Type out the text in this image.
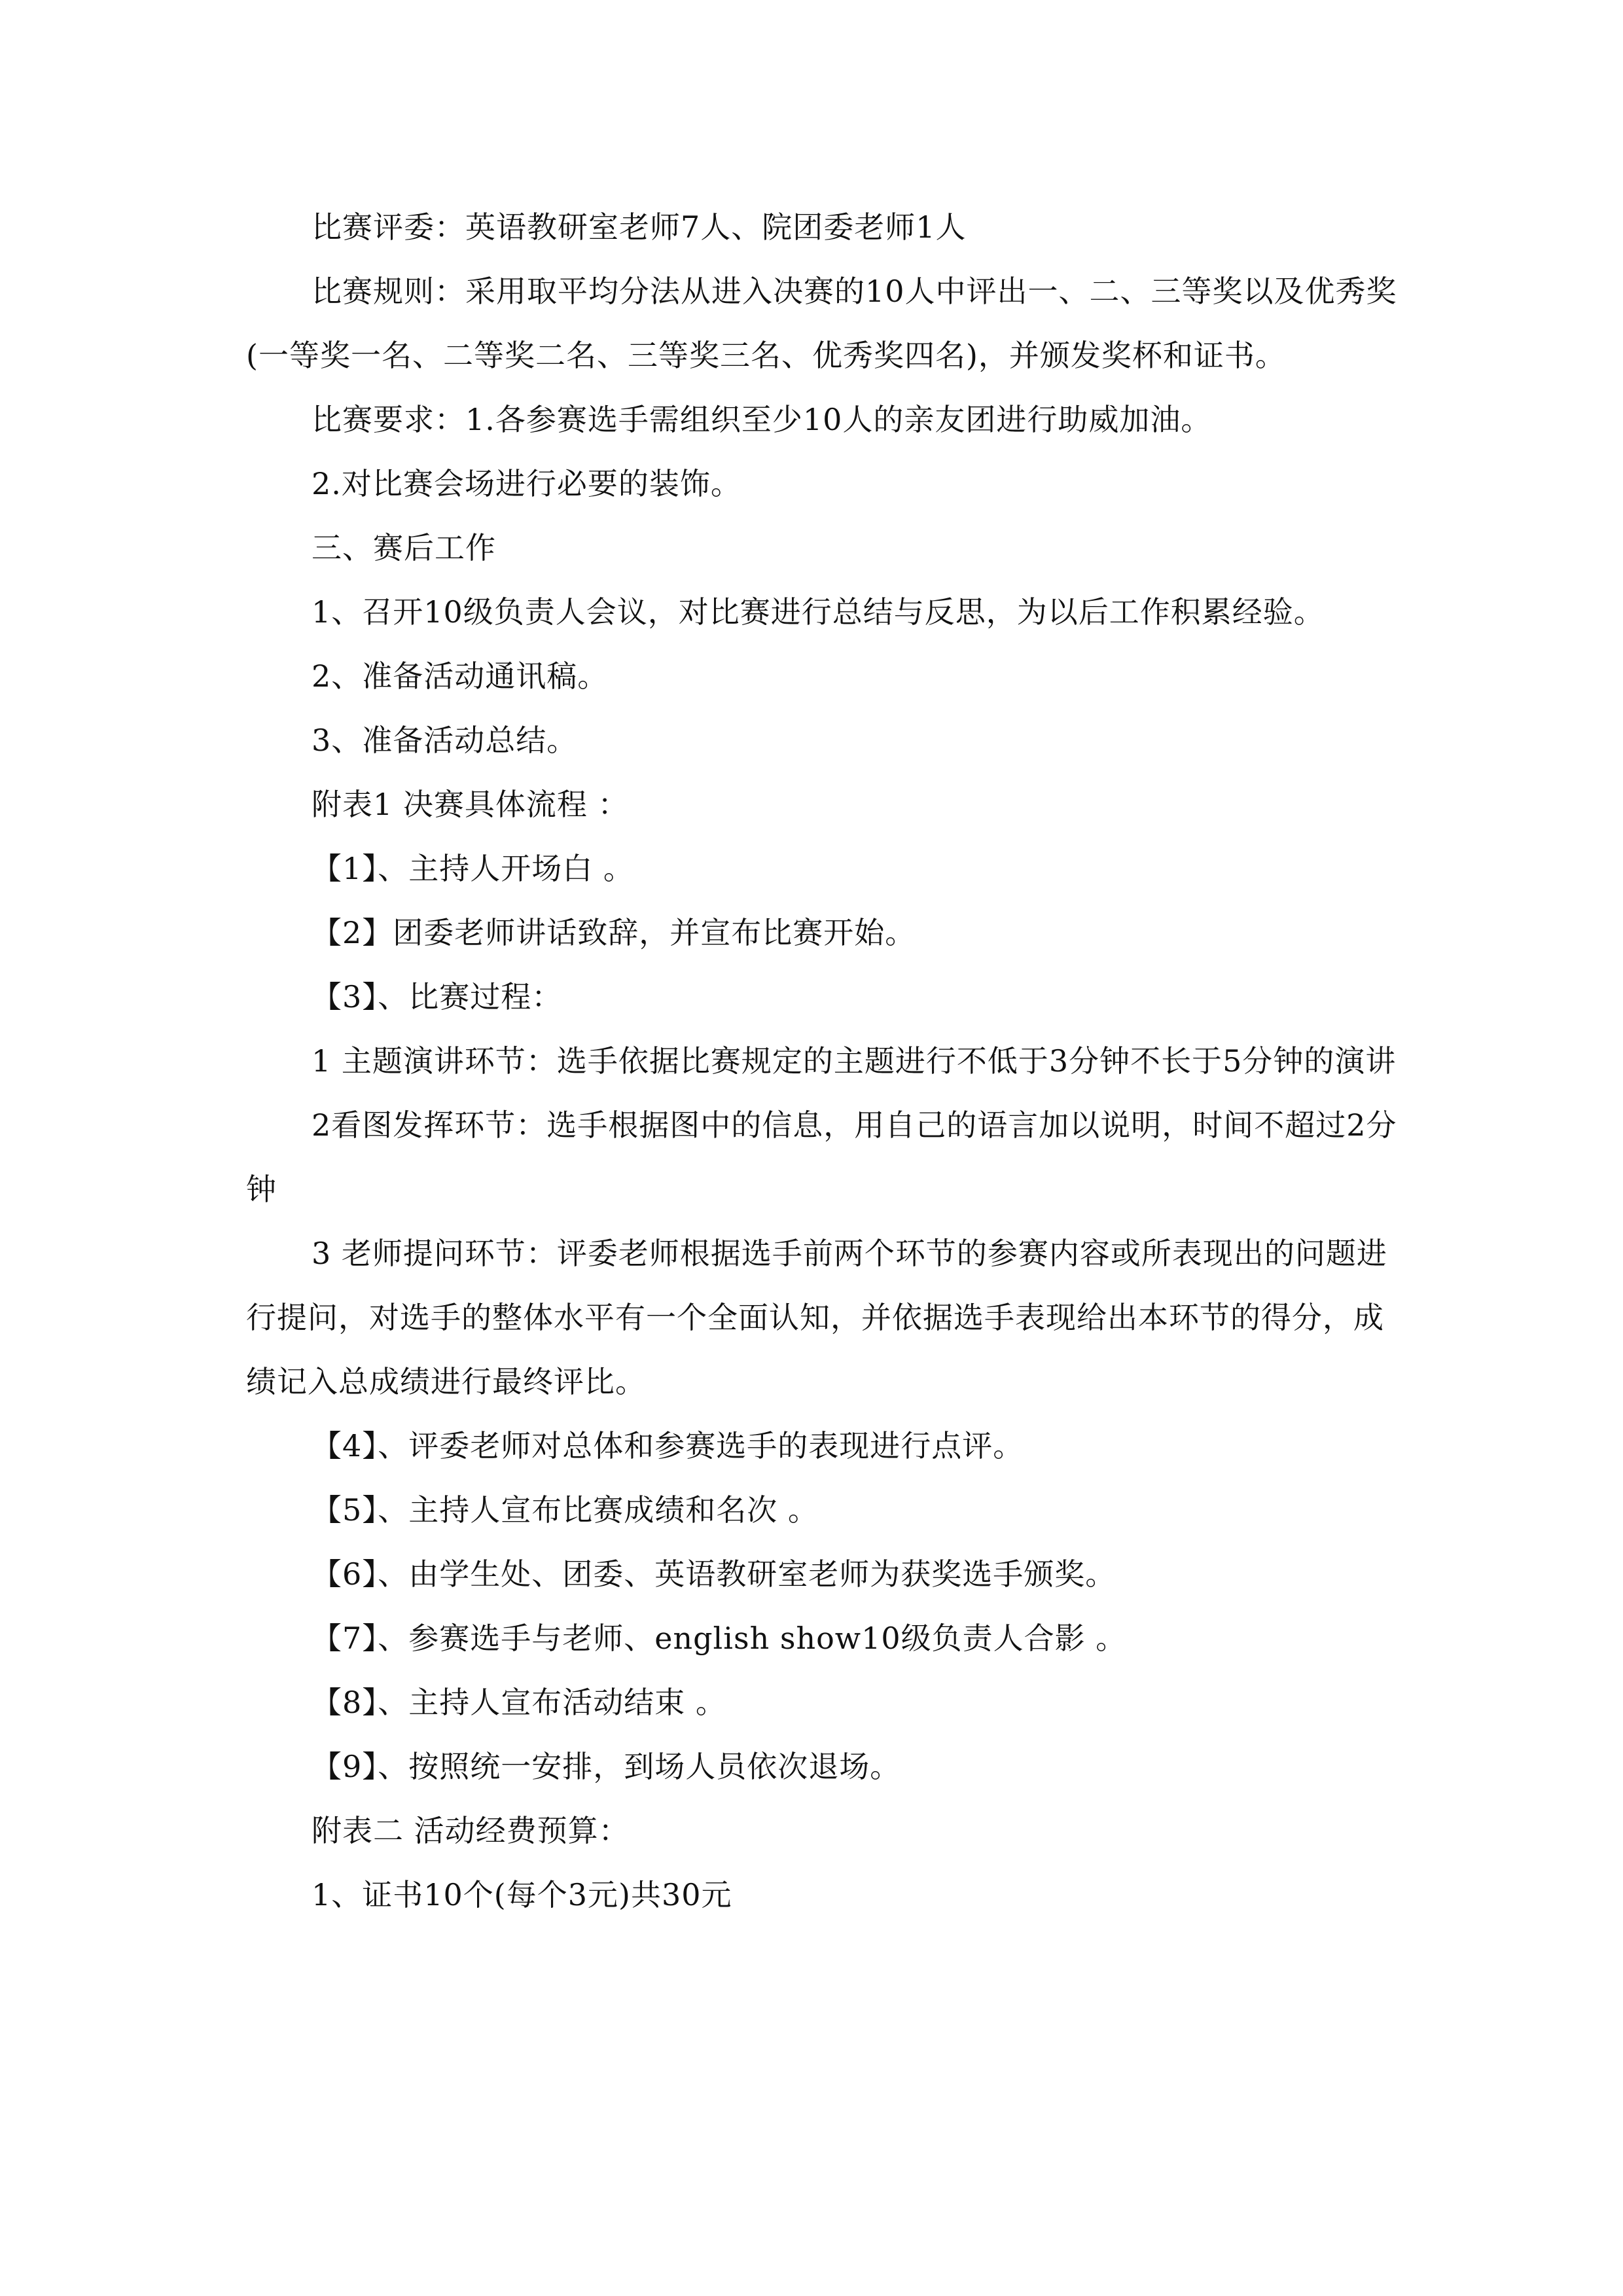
比赛评委：英语教研室老师7人、院团委老师1人

比赛规则：采用取平均分法从进入决赛的10人中评出一、二、三等奖以及优秀奖(一等奖一名、二等奖二名、三等奖三名、优秀奖四名)，并颁发奖杯和证书。

比赛要求：1.各参赛选手需组织至少10人的亲友团进行助威加油。

2.对比赛会场进行必要的装饰。

三、赛后工作

1、召开10级负责人会议，对比赛进行总结与反思，为以后工作积累经验。

2、准备活动通讯稿。

3、准备活动总结。

附表1 决赛具体流程 ：

【1】、主持人开场白 。

【2】团委老师讲话致辞，并宣布比赛开始。

【3】、比赛过程：

1 主题演讲环节：选手依据比赛规定的主题进行不低于3分钟不长于5分钟的演讲

2看图发挥环节：选手根据图中的信息，用自己的语言加以说明，时间不超过2分钟

3 老师提问环节：评委老师根据选手前两个环节的参赛内容或所表现出的问题进行提问，对选手的整体水平有一个全面认知，并依据选手表现给出本环节的得分，成绩记入总成绩进行最终评比。

【4】、评委老师对总体和参赛选手的表现进行点评。

【5】、主持人宣布比赛成绩和名次 。

【6】、由学生处、团委、英语教研室老师为获奖选手颁奖。

【7】、参赛选手与老师、english show10级负责人合影 。

【8】、主持人宣布活动结束 。

【9】、按照统一安排，到场人员依次退场。

附表二 活动经费预算：

1、证书10个(每个3元)共30元
